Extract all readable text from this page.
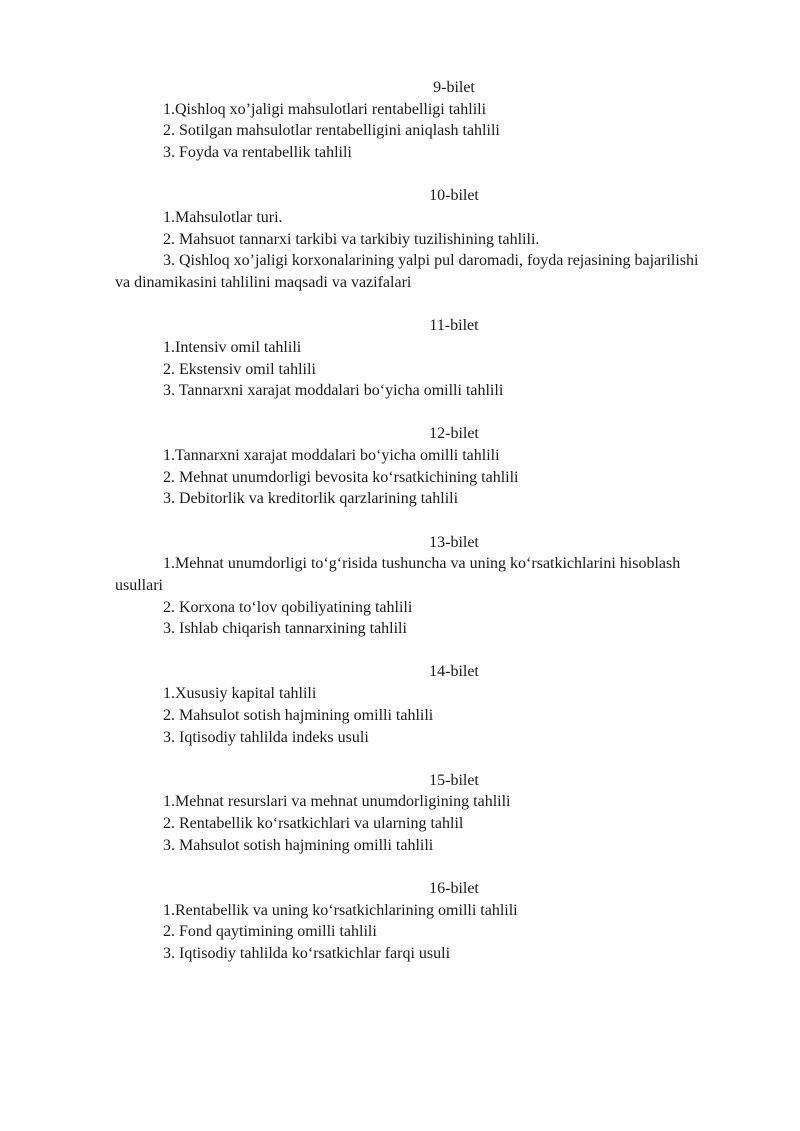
9-bilet

1.Qishloq xo’jaligi mahsulotlari rentabelligi tahlili

2. Sotilgan mahsulotlar rentabelligini aniqlash tahlili

3. Foyda va rentabellik tahlili

10-bilet

1.Mahsulotlar turi.

2. Mahsuot tannarxi tarkibi va tarkibiy tuzilishining tahlili.

3. Qishloq xo’jaligi korxonalarining yalpi pul daromadi, foyda rejasining bajarilishi va dinamikasini tahlilini maqsadi va vazifalari

11-bilet

1.Intensiv omil tahlili

2. Ekstensiv omil tahlili

3. Tannarxni xarajat moddalari bo‘yicha omilli tahlili

12-bilet

1.Tannarxni xarajat moddalari bo‘yicha omilli tahlili

2. Mehnat unumdorligi bevosita ko‘rsatkichining tahlili

3. Debitorlik va kreditorlik qarzlarining tahlili

13-bilet

1.Mehnat unumdorligi to‘g‘risida tushuncha va uning ko‘rsatkichlarini hisoblash usullari

2. Korxona to‘lov qobiliyatining tahlili

3. Ishlab chiqarish tannarxining tahlili

14-bilet

1.Xususiy kapital tahlili

2. Mahsulot sotish hajmining omilli tahlili

3. Iqtisodiy tahlilda indeks usuli

15-bilet

1.Mehnat resurslari va mehnat unumdorligining tahlili

2. Rentabellik ko‘rsatkichlari va ularning tahlil

3. Mahsulot sotish hajmining omilli tahlili

16-bilet

1.Rentabellik va uning ko‘rsatkichlarining omilli tahlili

2. Fond qaytimining omilli tahlili

3. Iqtisodiy tahlilda ko‘rsatkichlar farqi usuli
